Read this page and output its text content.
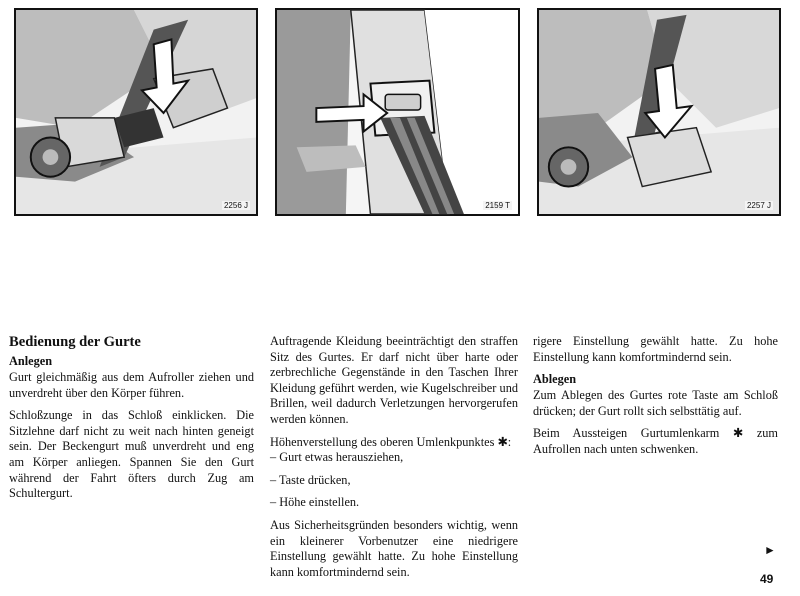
2256 J	2159 T	2257 J
Bedienung der Gurte
Anlegen

Gurt gleichmäßig aus dem Aufroller ziehen und unverdreht über den Körper führen.

Schloßzunge in das Schloß einklicken. Die Sitzlehne darf nicht zu weit nach hinten geneigt sein. Der Beckengurt muß unverdreht und eng am Körper anliegen. Spannen Sie den Gurt während der Fahrt öfters durch Zug am Schultergurt.

Auftragende Kleidung beeinträchtigt den straffen Sitz des Gurtes. Er darf nicht über harte oder zerbrechliche Gegenstände in den Taschen Ihrer Kleidung geführt werden, wie Kugelschreiber und Brillen, weil dadurch Verletzungen hervorgerufen werden können.

Höhenverstellung des oberen Umlenkpunktes ✱:

– Gurt etwas herausziehen,

– Taste drücken,

– Höhe einstellen.

Aus Sicherheitsgründen besonders wichtig, wenn ein kleinerer Vorbenutzer eine niedrigere Einstellung gewählt hatte. Zu hohe Einstellung kann komfortmindernd sein.

rigere Einstellung gewählt hatte. Zu hohe Einstellung kann komfortmindernd sein.

Ablegen

Zum Ablegen des Gurtes rote Taste am Schloß drücken; der Gurt rollt sich selbsttätig auf.

Beim Aussteigen Gurtumlenkarm ✱ zum Aufrollen nach unten schwenken.

►
49
